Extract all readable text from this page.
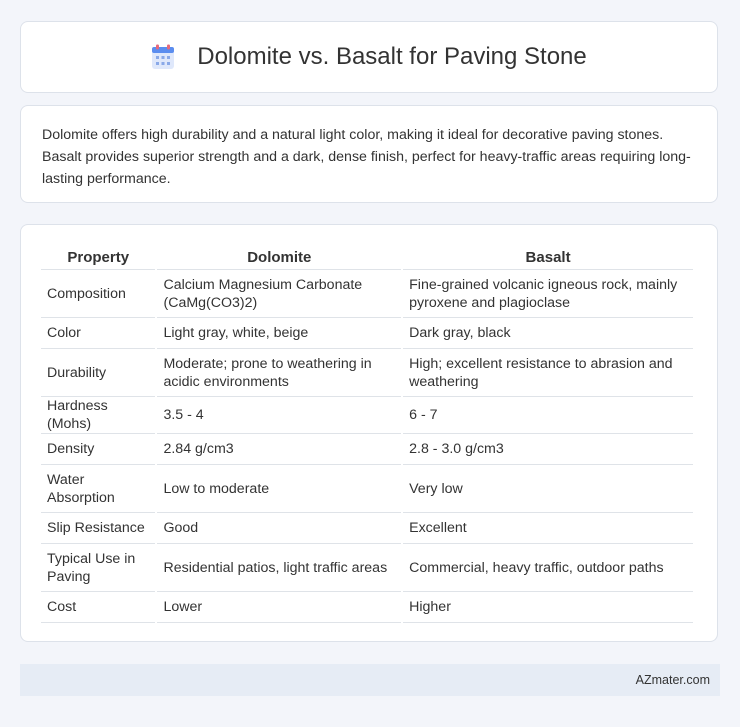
Dolomite vs. Basalt for Paving Stone

Dolomite offers high durability and a natural light color, making it ideal for decorative paving stones. Basalt provides superior strength and a dark, dense finish, perfect for heavy-traffic areas requiring long-lasting performance.

Property	Dolomite	Basalt
Composition	Calcium Magnesium Carbonate (CaMg(CO3)2)	Fine-grained volcanic igneous rock, mainly pyroxene and plagioclase
Color	Light gray, white, beige	Dark gray, black
Durability	Moderate; prone to weathering in acidic environments	High; excellent resistance to abrasion and weathering
Hardness (Mohs)	3.5 - 4	6 - 7
Density	2.84 g/cm3	2.8 - 3.0 g/cm3
Water Absorption	Low to moderate	Very low
Slip Resistance	Good	Excellent
Typical Use in Paving	Residential patios, light traffic areas	Commercial, heavy traffic, outdoor paths
Cost	Lower	Higher
AZmater.com
